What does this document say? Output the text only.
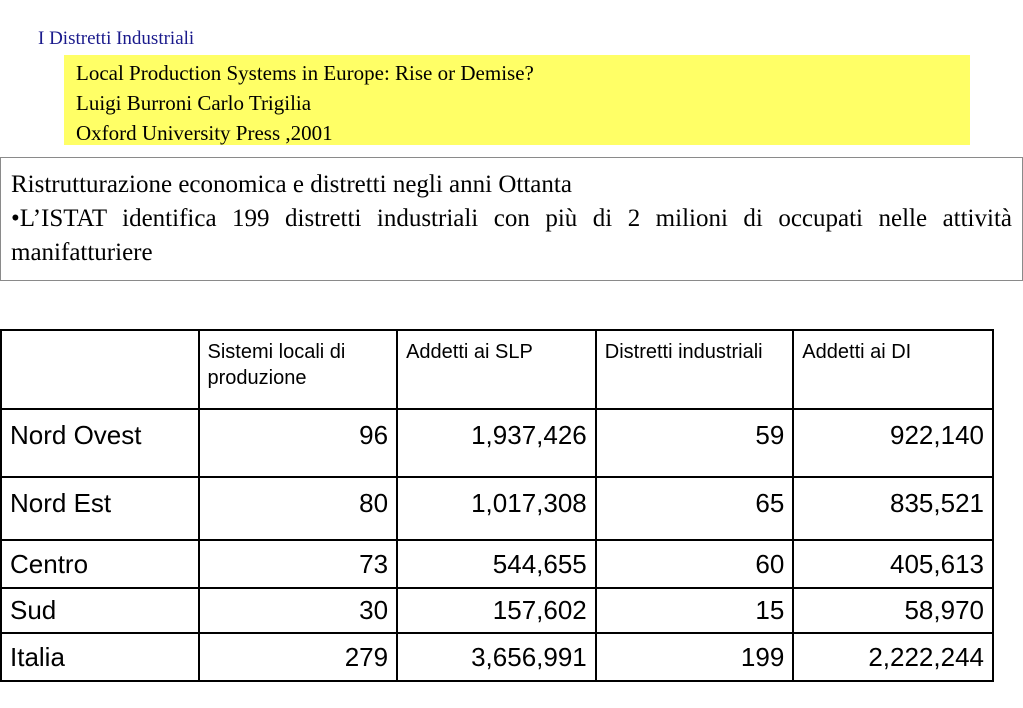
I Distretti Industriali
Local Production Systems in Europe: Rise or Demise?
Luigi Burroni Carlo Trigilia
Oxford University Press ,2001
Ristrutturazione economica e distretti negli anni Ottanta
•L’ISTAT identifica 199 distretti industriali con più di 2 milioni di occupati nelle attività manifatturiere
	Sistemi locali di produzione	Addetti ai SLP	Distretti industriali	Addetti ai DI
Nord Ovest	96	1,937,426	59	922,140
Nord Est	80	1,017,308	65	835,521
Centro	73	544,655	60	405,613
Sud	30	157,602	15	58,970
Italia	279	3,656,991	199	2,222,244
